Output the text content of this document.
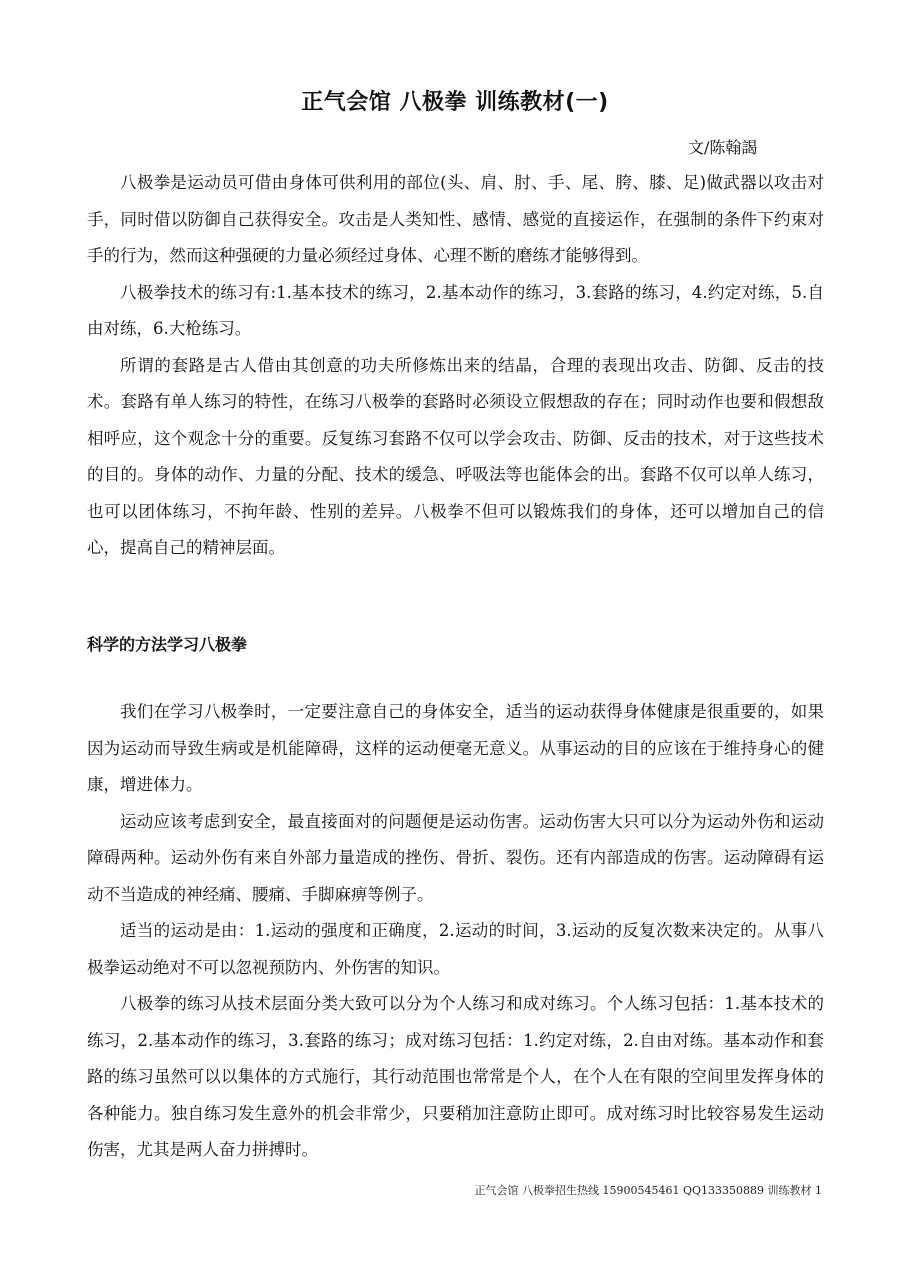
正气会馆 八极拳 训练教材(一)
文/陈翰謁

八极拳是运动员可借由身体可供利用的部位(头、肩、肘、手、尾、胯、膝、足)做武器以攻击对手，同时借以防御自己获得安全。攻击是人类知性、感情、感觉的直接运作，在强制的条件下约束对手的行为，然而这种强硬的力量必须经过身体、心理不断的磨练才能够得到。

八极拳技术的练习有:1.基本技术的练习，2.基本动作的练习，3.套路的练习，4.约定对练，5.自由对练，6.大枪练习。

所谓的套路是古人借由其创意的功夫所修炼出来的结晶，合理的表现出攻击、防御、反击的技术。套路有单人练习的特性，在练习八极拳的套路时必须设立假想敌的存在；同时动作也要和假想敌相呼应，这个观念十分的重要。反复练习套路不仅可以学会攻击、防御、反击的技术，对于这些技术的目的。身体的动作、力量的分配、技术的缓急、呼吸法等也能体会的出。套路不仅可以单人练习，也可以团体练习，不拘年龄、性别的差异。八极拳不但可以锻炼我们的身体，还可以增加自己的信心，提高自己的精神层面。

科学的方法学习八极拳

我们在学习八极拳时，一定要注意自己的身体安全，适当的运动获得身体健康是很重要的，如果因为运动而导致生病或是机能障碍，这样的运动便毫无意义。从事运动的目的应该在于维持身心的健康，增进体力。

运动应该考虑到安全，最直接面对的问题便是运动伤害。运动伤害大只可以分为运动外伤和运动障碍两种。运动外伤有来自外部力量造成的挫伤、骨折、裂伤。还有内部造成的伤害。运动障碍有运动不当造成的神经痛、腰痛、手脚麻痹等例子。

适当的运动是由：1.运动的强度和正确度，2.运动的时间，3.运动的反复次数来决定的。从事八极拳运动绝对不可以忽视预防内、外伤害的知识。

八极拳的练习从技术层面分类大致可以分为个人练习和成对练习。个人练习包括：1.基本技术的练习，2.基本动作的练习，3.套路的练习；成对练习包括：1.约定对练，2.自由对练。基本动作和套路的练习虽然可以以集体的方式施行，其行动范围也常常是个人，在个人在有限的空间里发挥身体的各种能力。独自练习发生意外的机会非常少，只要稍加注意防止即可。成对练习时比较容易发生运动伤害，尤其是两人奋力拼搏时。

正气会馆 八极拳招生热线 15900545461 QQ133350889 训练教材 1
